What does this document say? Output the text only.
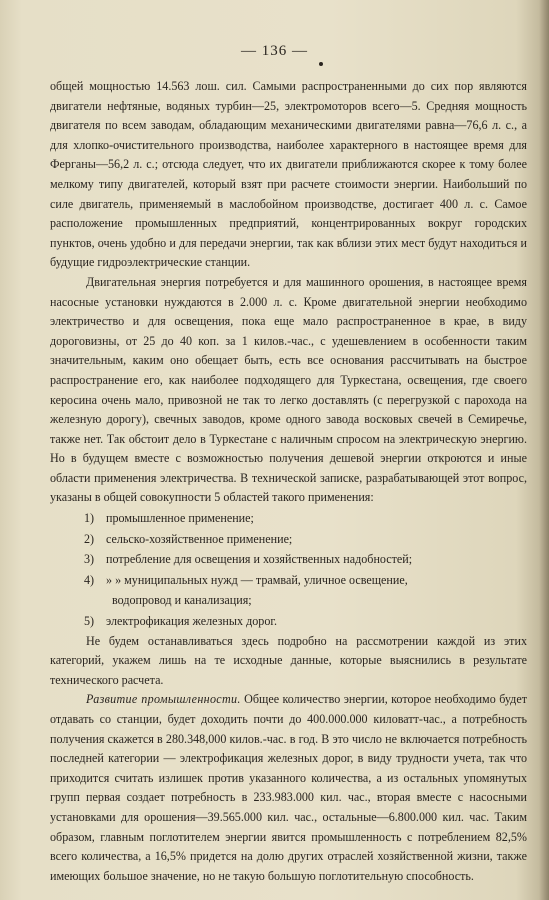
— 136 —

общей мощностью 14.563 лош. сил. Самыми распространенными до сих пор являются двигатели нефтяные, водяных турбин—25, электромоторов всего—5. Средняя мощность двигателя по всем заводам, обладающим механическими двигателями равна—76,6 л. с., а для хлопко-очистительного производства, наиболее характерного в настоящее время для Ферганы—56,2 л. с.; отсюда следует, что их двигатели приближаются скорее к тому более мелкому типу двигателей, который взят при расчете стоимости энергии. Наибольший по силе двигатель, применяемый в маслобойном производстве, достигает 400 л. с. Самое расположение промышленных предприятий, концентрированных вокруг городских пунктов, очень удобно и для передачи энергии, так как вблизи этих мест будут находиться и будущие гидроэлектрические станции.

Двигательная энергия потребуется и для машинного орошения, в настоящее время насосные установки нуждаются в 2.000 л. с. Кроме двигательной энергии необходимо электричество и для освещения, пока еще мало распространенное в крае, в виду дороговизны, от 25 до 40 коп. за 1 килов.-час., с удешевлением в особенности таким значительным, каким оно обещает быть, есть все основания рассчитывать на быстрое распространение его, как наиболее подходящего для Туркестана, освещения, где своего керосина очень мало, привозной не так то легко доставлять (с перегрузкой с парохода на железную дорогу), свечных заводов, кроме одного завода восковых свечей в Семиречье, также нет. Так обстоит дело в Туркестане с наличным спросом на электрическую энергию. Но в будущем вместе с возможностью получения дешевой энергии откроются и иные области применения электричества. В технической записке, разрабатывающей этот вопрос, указаны в общей совокупности 5 областей такого применения:

1) промышленное применение;
2) сельско-хозяйственное применение;
3) потребление для освещения и хозяйственных надобностей;
4) » » муниципальных нужд — трамвай, уличное освещение,
водопровод и канализация;
5) электрофикация железных дорог.

Не будем останавливаться здесь подробно на рассмотрении каждой из этих категорий, укажем лишь на те исходные данные, которые выяснились в результате технического расчета.

Развитие промышленности. Общее количество энергии, которое необходимо будет отдавать со станции, будет доходить почти до 400.000.000 киловатт-час., а потребность получения скажется в 280.348,000 килов.-час. в год. В это число не включается потребность последней категории — электрофикация железных дорог, в виду трудности учета, так что приходится считать излишек против указанного количества, а из остальных упомянутых групп первая создает потребность в 233.983.000 кил. час., вторая вместе с насосными установками для орошения—39.565.000 кил. час., остальные—6.800.000 кил. час. Таким образом, главным поглотителем энергии явится промышленность с потреблением 82,5% всего количества, а 16,5% придется на долю других отраслей хозяйственной жизни, также имеющих большое значение, но не такую большую поглотительную способность.
